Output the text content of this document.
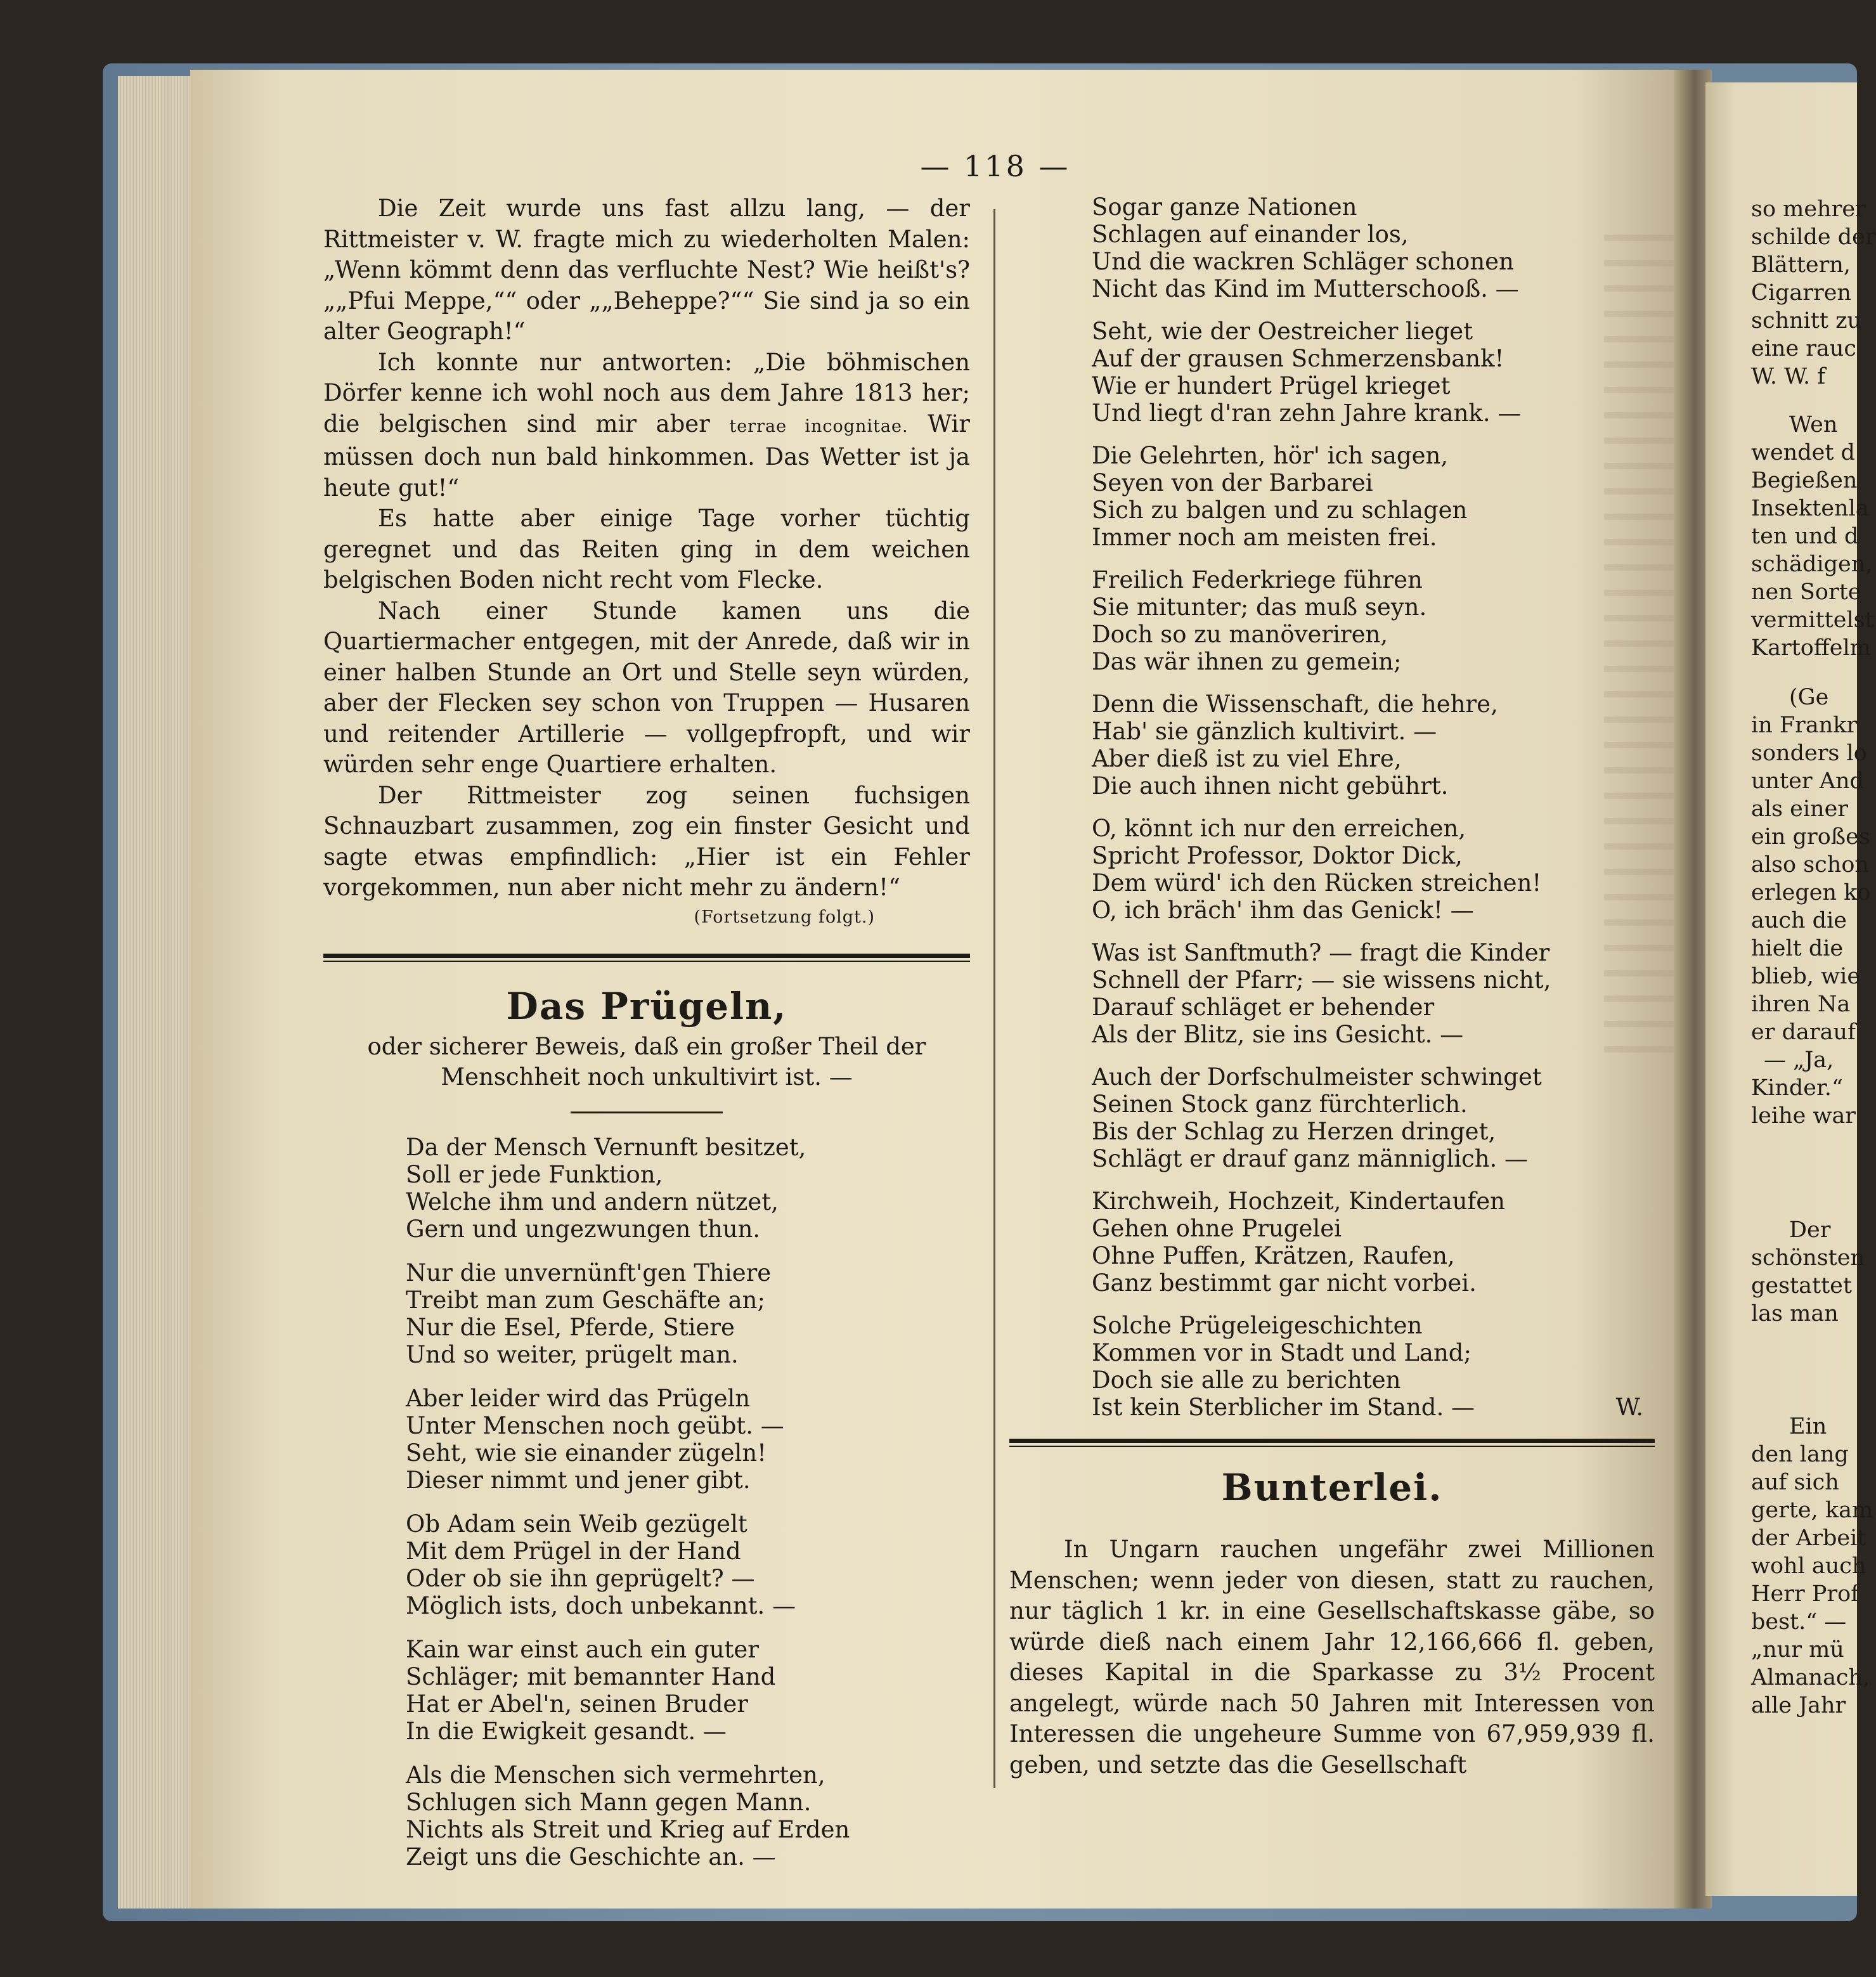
— 118 —

Die Zeit wurde uns fast allzu lang, — der Rittmeister v. W. fragte mich zu wiederholten Malen: „Wenn kömmt denn das verfluchte Nest? Wie heißt's? „„Pfui Meppe,““ oder „„Beheppe?““ Sie sind ja so ein alter Geograph!“

Ich konnte nur antworten: „Die böhmischen Dörfer kenne ich wohl noch aus dem Jahre 1813 her; die belgischen sind mir aber terrae incognitae. Wir müssen doch nun bald hinkommen. Das Wetter ist ja heute gut!“

Es hatte aber einige Tage vorher tüchtig geregnet und das Reiten ging in dem weichen belgischen Boden nicht recht vom Flecke.

Nach einer Stunde kamen uns die Quartiermacher entgegen, mit der Anrede, daß wir in einer halben Stunde an Ort und Stelle seyn würden, aber der Flecken sey schon von Truppen — Husaren und reitender Artillerie — vollgepfropft, und wir würden sehr enge Quartiere erhalten.

Der Rittmeister zog seinen fuchsigen Schnauzbart zusammen, zog ein finster Gesicht und sagte etwas empfindlich: „Hier ist ein Fehler vorgekommen, nun aber nicht mehr zu ändern!“

(Fortsetzung folgt.)
Das Prügeln,
oder sicherer Beweis, daß ein großer Theil der Menschheit noch unkultivirt ist. —
Da der Mensch Vernunft besitzet,
Soll er jede Funktion,
Welche ihm und andern nützet,
Gern und ungezwungen thun.
Nur die unvernünft'gen Thiere
Treibt man zum Geschäfte an;
Nur die Esel, Pferde, Stiere
Und so weiter, prügelt man.
Aber leider wird das Prügeln
Unter Menschen noch geübt. —
Seht, wie sie einander zügeln!
Dieser nimmt und jener gibt.
Ob Adam sein Weib gezügelt
Mit dem Prügel in der Hand
Oder ob sie ihn geprügelt? —
Möglich ists, doch unbekannt. —
Kain war einst auch ein guter
Schläger; mit bemannter Hand
Hat er Abel'n, seinen Bruder
In die Ewigkeit gesandt. —
Als die Menschen sich vermehrten,
Schlugen sich Mann gegen Mann.
Nichts als Streit und Krieg auf Erden
Zeigt uns die Geschichte an. —
Sogar ganze Nationen
Schlagen auf einander los,
Und die wackren Schläger schonen
Nicht das Kind im Mutterschooß. —
Seht, wie der Oestreicher lieget
Auf der grausen Schmerzensbank!
Wie er hundert Prügel krieget
Und liegt d'ran zehn Jahre krank. —
Die Gelehrten, hör' ich sagen,
Seyen von der Barbarei
Sich zu balgen und zu schlagen
Immer noch am meisten frei.
Freilich Federkriege führen
Sie mitunter; das muß seyn.
Doch so zu manöveriren,
Das wär ihnen zu gemein;
Denn die Wissenschaft, die hehre,
Hab' sie gänzlich kultivirt. —
Aber dieß ist zu viel Ehre,
Die auch ihnen nicht gebührt.
O, könnt ich nur den erreichen,
Spricht Professor, Doktor Dick,
Dem würd' ich den Rücken streichen!
O, ich bräch' ihm das Genick! —
Was ist Sanftmuth? — fragt die Kinder
Schnell der Pfarr; — sie wissens nicht,
Darauf schläget er behender
Als der Blitz, sie ins Gesicht. —
Auch der Dorfschulmeister schwinget
Seinen Stock ganz fürchterlich.
Bis der Schlag zu Herzen dringet,
Schlägt er drauf ganz männiglich. —
Kirchweih, Hochzeit, Kindertaufen
Gehen ohne Prugelei
Ohne Puffen, Krätzen, Raufen,
Ganz bestimmt gar nicht vorbei.
Solche Prügeleigeschichten
Kommen vor in Stadt und Land;
Doch sie alle zu berichten
Ist kein Sterblicher im Stand. —	W.
Bunterlei.

In Ungarn rauchen ungefähr zwei Millionen Menschen; wenn jeder von diesen, statt zu rauchen, nur täglich 1 kr. in eine Gesellschaftskasse gäbe, so würde dieß nach einem Jahr 12,166,666 fl. geben, dieses Kapital in die Sparkasse zu 3½ Procent angelegt, würde nach 50 Jahren mit Interessen von Interessen die ungeheure Summe von 67,959,939 fl. geben, und setzte das die Gesellschaft

so mehrer
schilde der
Blättern,
Cigarren
schnitt zu
eine rauc
W. W. f
Wen
wendet d
Begießen
Insektenla
ten und d
schädigen,
nen Sorte
vermittelst
Kartoffelm
(Ge
in Frankr
sonders lo
unter And
als einer
ein großes
also schon
erlegen ko
auch die
hielt die
blieb, wie
ihren Na
er darauf
— „Ja,
Kinder.“
leihe war
Der
schönsten
gestattet
las man
Ein
den lang
auf sich
gerte, kam
der Arbeit
wohl auch
Herr Prof
best.“ —
„nur mü
Almanach,
alle Jahr
